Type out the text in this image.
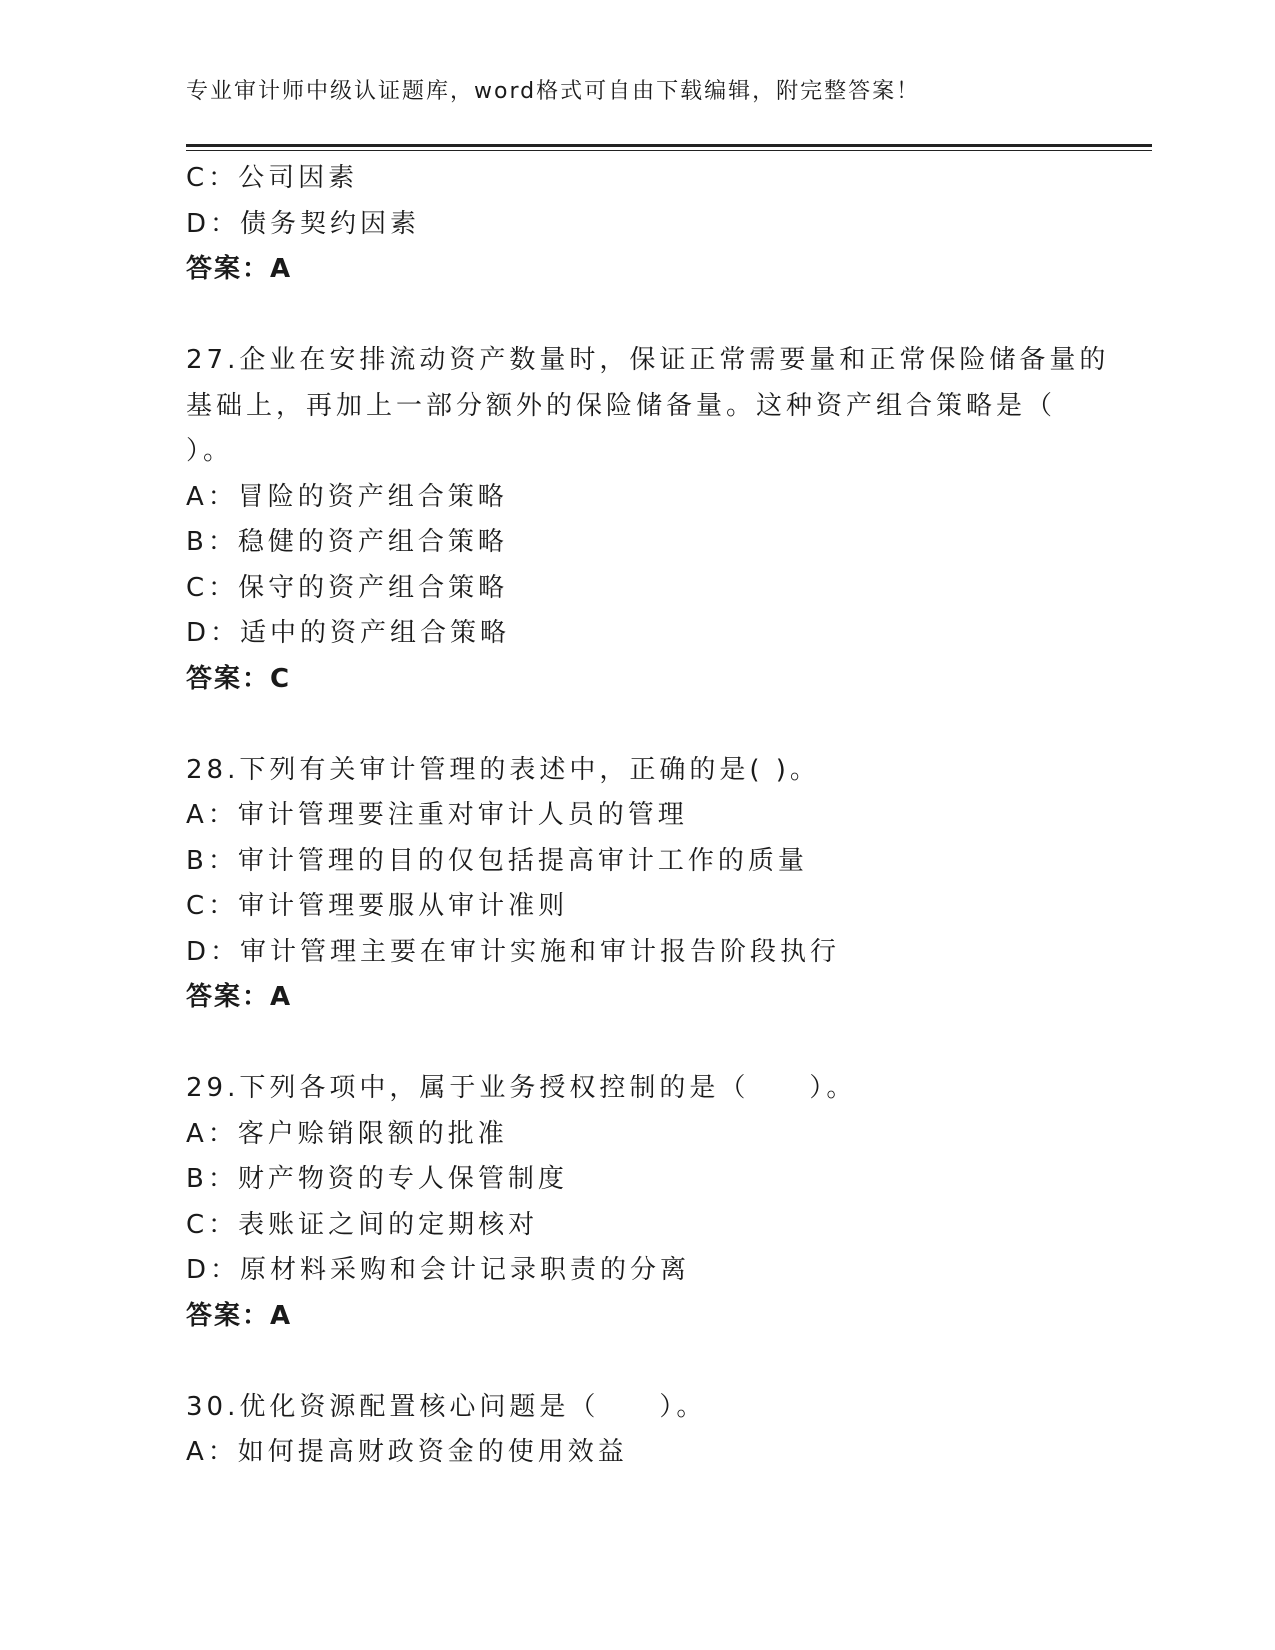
专业审计师中级认证题库，word格式可自由下载编辑，附完整答案！
C：公司因素
D：债务契约因素
答案：A
27.企业在安排流动资产数量时，保证正常需要量和正常保险储备量的
基础上，再加上一部分额外的保险储备量。这种资产组合策略是（
）。
A：冒险的资产组合策略
B：稳健的资产组合策略
C：保守的资产组合策略
D：适中的资产组合策略
答案：C
28.下列有关审计管理的表述中，正确的是( )。
A：审计管理要注重对审计人员的管理
B：审计管理的目的仅包括提高审计工作的质量
C：审计管理要服从审计准则
D：审计管理主要在审计实施和审计报告阶段执行
答案：A
29.下列各项中，属于业务授权控制的是（　　）。
A：客户赊销限额的批准
B：财产物资的专人保管制度
C：表账证之间的定期核对
D：原材料采购和会计记录职责的分离
答案：A
30.优化资源配置核心问题是（　　）。
A：如何提高财政资金的使用效益
